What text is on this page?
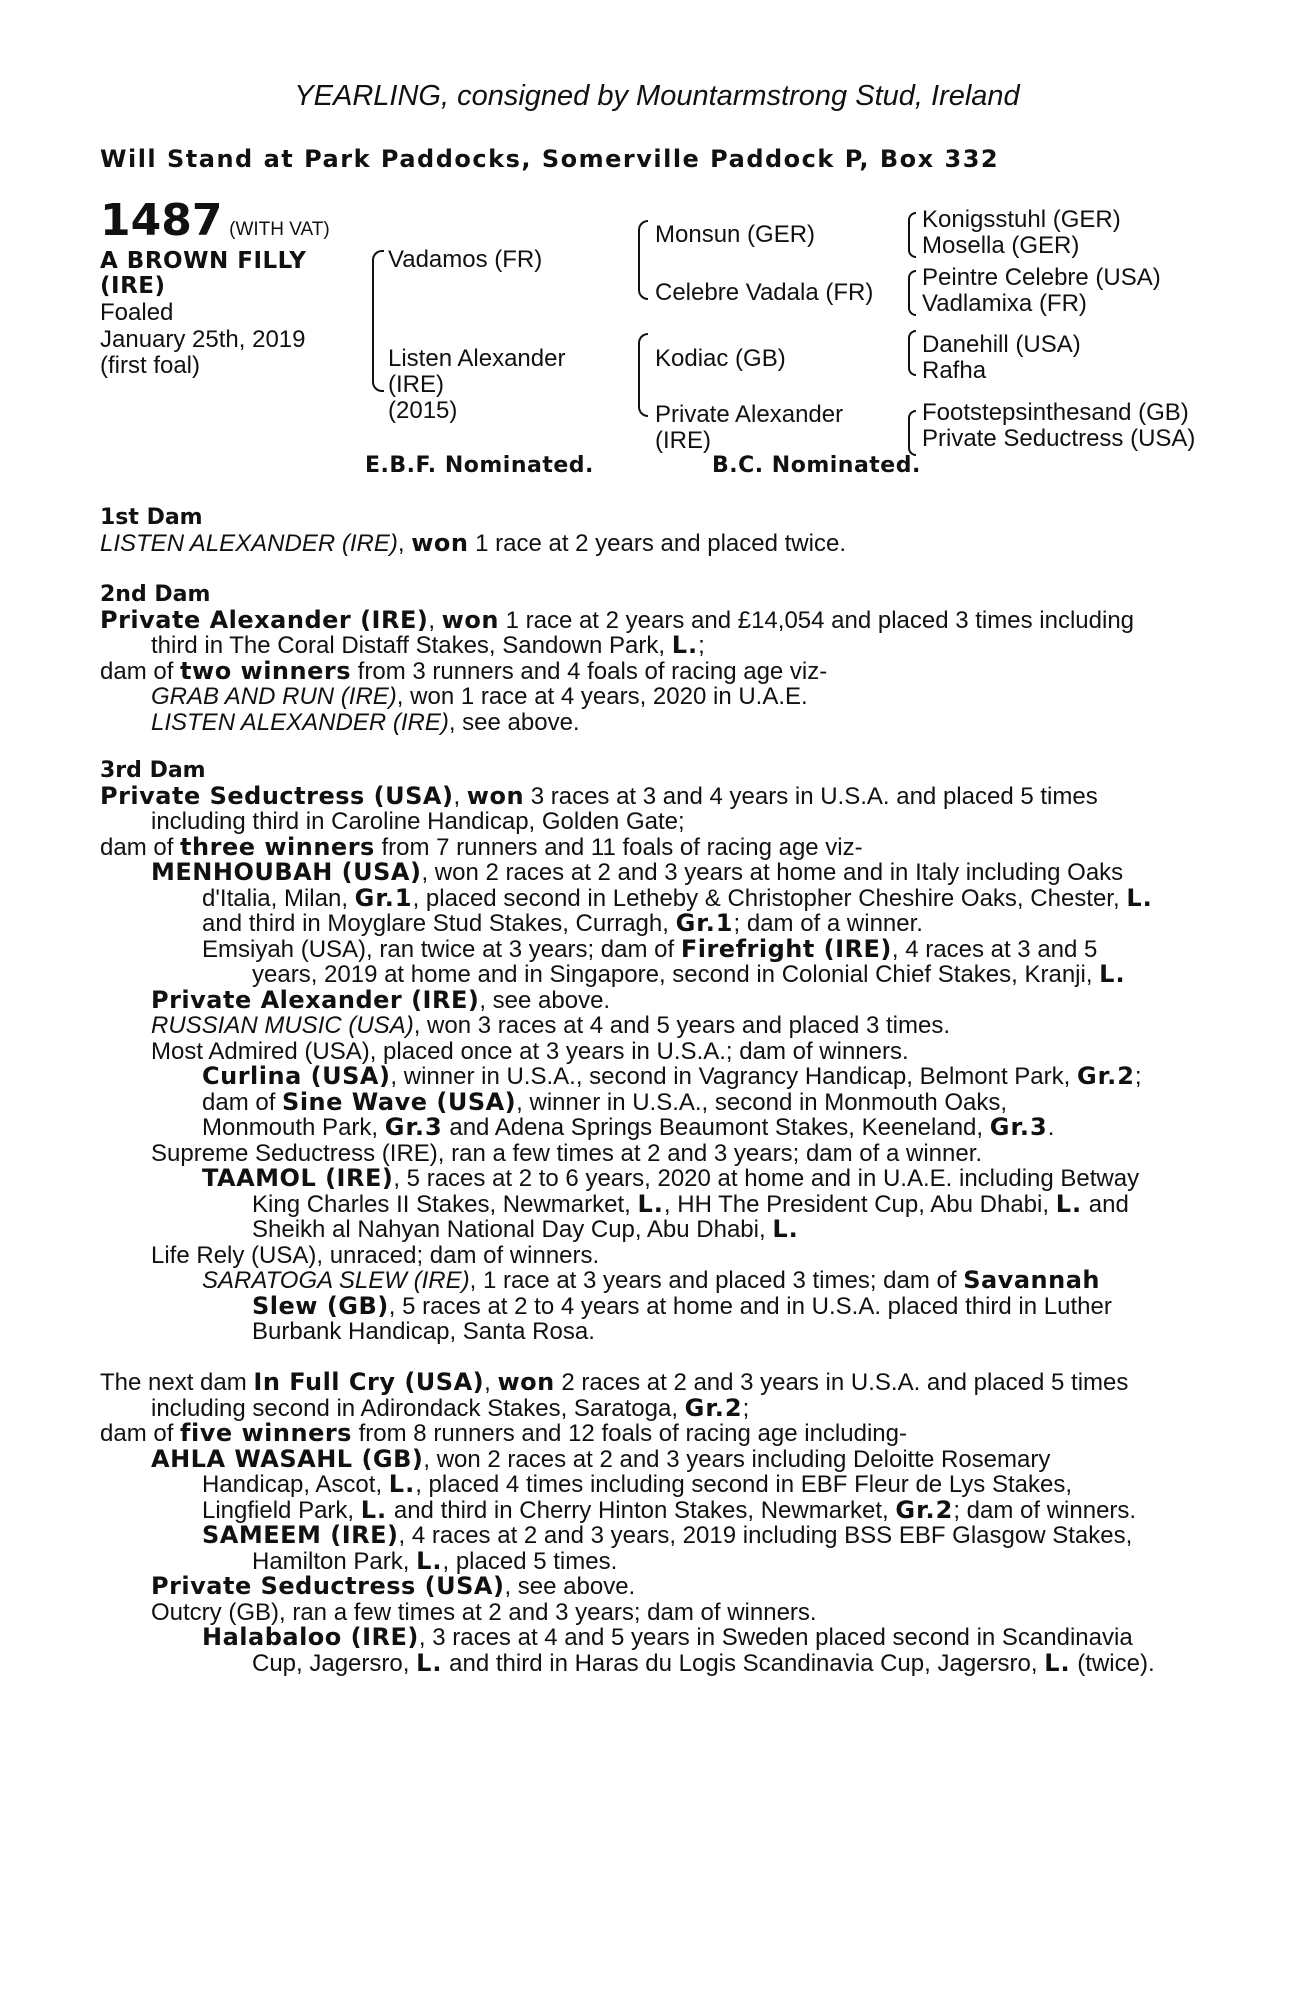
YEARLING, consigned by Mountarmstrong Stud, Ireland
Will Stand at Park Paddocks, Somerville Paddock P, Box 332
1487 (WITH VAT)
A BROWN FILLY
(IRE)
Foaled
January 25th, 2019
(first foal)
Vadamos (FR)
Listen Alexander
(IRE)
(2015)
Monsun (GER)
Celebre Vadala (FR)
Kodiac (GB)
Private Alexander
(IRE)
Konigsstuhl (GER)
Mosella (GER)
Peintre Celebre (USA)
Vadlamixa (FR)
Danehill (USA)
Rafha
Footstepsinthesand (GB)
Private Seductress (USA)
E.B.F. Nominated.	B.C. Nominated.
1st Dam
LISTEN ALEXANDER (IRE), won 1 race at 2 years and placed twice.
2nd Dam
Private Alexander (IRE), won 1 race at 2 years and £14,054 and placed 3 times including
third in The Coral Distaff Stakes, Sandown Park, L.;
dam of two winners from 3 runners and 4 foals of racing age viz-
GRAB AND RUN (IRE), won 1 race at 4 years, 2020 in U.A.E.
LISTEN ALEXANDER (IRE), see above.
3rd Dam
Private Seductress (USA), won 3 races at 3 and 4 years in U.S.A. and placed 5 times
including third in Caroline Handicap, Golden Gate;
dam of three winners from 7 runners and 11 foals of racing age viz-
MENHOUBAH (USA), won 2 races at 2 and 3 years at home and in Italy including Oaks
d'Italia, Milan, Gr.1, placed second in Letheby & Christopher Cheshire Oaks, Chester, L.
and third in Moyglare Stud Stakes, Curragh, Gr.1; dam of a winner.
Emsiyah (USA), ran twice at 3 years; dam of Firefright (IRE), 4 races at 3 and 5
years, 2019 at home and in Singapore, second in Colonial Chief Stakes, Kranji, L.
Private Alexander (IRE), see above.
RUSSIAN MUSIC (USA), won 3 races at 4 and 5 years and placed 3 times.
Most Admired (USA), placed once at 3 years in U.S.A.; dam of winners.
Curlina (USA), winner in U.S.A., second in Vagrancy Handicap, Belmont Park, Gr.2;
dam of Sine Wave (USA), winner in U.S.A., second in Monmouth Oaks,
Monmouth Park, Gr.3 and Adena Springs Beaumont Stakes, Keeneland, Gr.3.
Supreme Seductress (IRE), ran a few times at 2 and 3 years; dam of a winner.
TAAMOL (IRE), 5 races at 2 to 6 years, 2020 at home and in U.A.E. including Betway
King Charles II Stakes, Newmarket, L., HH The President Cup, Abu Dhabi, L. and
Sheikh al Nahyan National Day Cup, Abu Dhabi, L.
Life Rely (USA), unraced; dam of winners.
SARATOGA SLEW (IRE), 1 race at 3 years and placed 3 times; dam of Savannah
Slew (GB), 5 races at 2 to 4 years at home and in U.S.A. placed third in Luther
Burbank Handicap, Santa Rosa.
The next dam In Full Cry (USA), won 2 races at 2 and 3 years in U.S.A. and placed 5 times
including second in Adirondack Stakes, Saratoga, Gr.2;
dam of five winners from 8 runners and 12 foals of racing age including-
AHLA WASAHL (GB), won 2 races at 2 and 3 years including Deloitte Rosemary
Handicap, Ascot, L., placed 4 times including second in EBF Fleur de Lys Stakes,
Lingfield Park, L. and third in Cherry Hinton Stakes, Newmarket, Gr.2; dam of winners.
SAMEEM (IRE), 4 races at 2 and 3 years, 2019 including BSS EBF Glasgow Stakes,
Hamilton Park, L., placed 5 times.
Private Seductress (USA), see above.
Outcry (GB), ran a few times at 2 and 3 years; dam of winners.
Halabaloo (IRE), 3 races at 4 and 5 years in Sweden placed second in Scandinavia
Cup, Jagersro, L. and third in Haras du Logis Scandinavia Cup, Jagersro, L. (twice).
